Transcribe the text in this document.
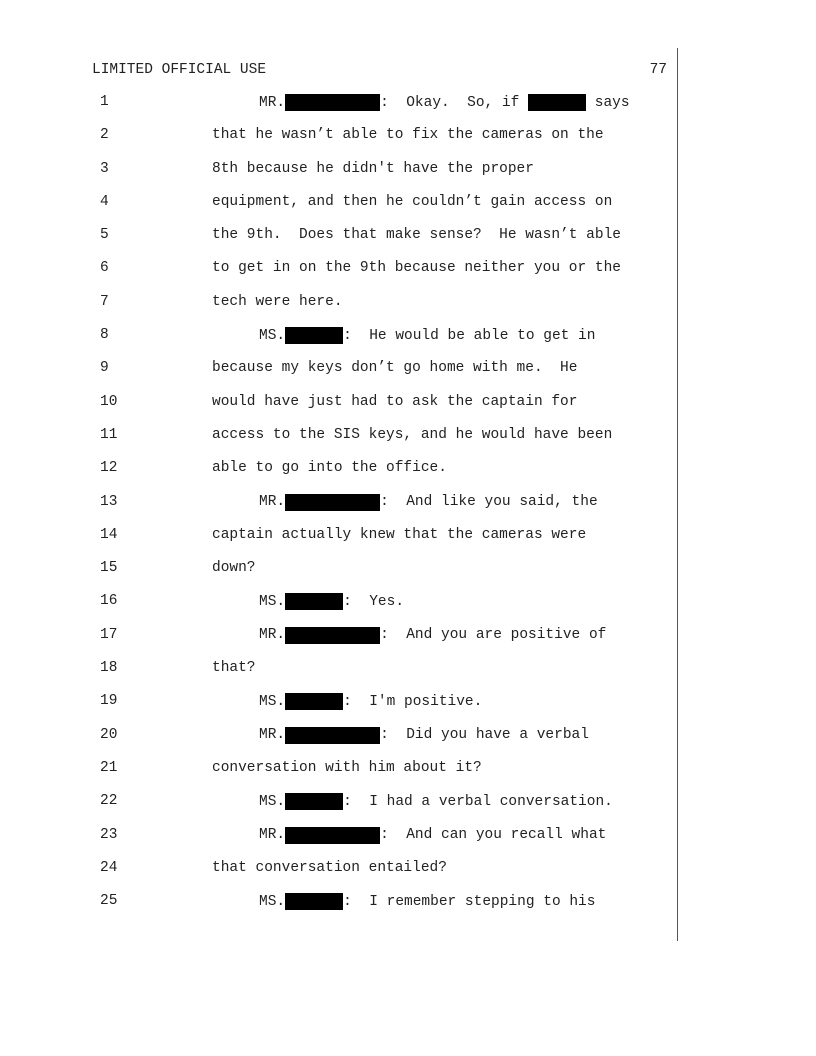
LIMITED OFFICIAL USE	77
1	MR.	:  Okay.  So, if	says
2	that he wasn’t able to fix the cameras on the
3	8th because he didn't have the proper
4	equipment, and then he couldn’t gain access on
5	the 9th.  Does that make sense?  He wasn’t able
6	to get in on the 9th because neither you or the
7	tech were here.
8	MS.	:  He would be able to get in
9	because my keys don’t go home with me.  He
10	would have just had to ask the captain for
11	access to the SIS keys, and he would have been
12	able to go into the office.
13	MR.	:  And like you said, the
14	captain actually knew that the cameras were
15	down?
16	MS.	:  Yes.
17	MR.	:  And you are positive of
18	that?
19	MS.	:  I'm positive.
20	MR.	:  Did you have a verbal
21	conversation with him about it?
22	MS.	:  I had a verbal conversation.
23	MR.	:  And can you recall what
24	that conversation entailed?
25	MS.	:  I remember stepping to his
